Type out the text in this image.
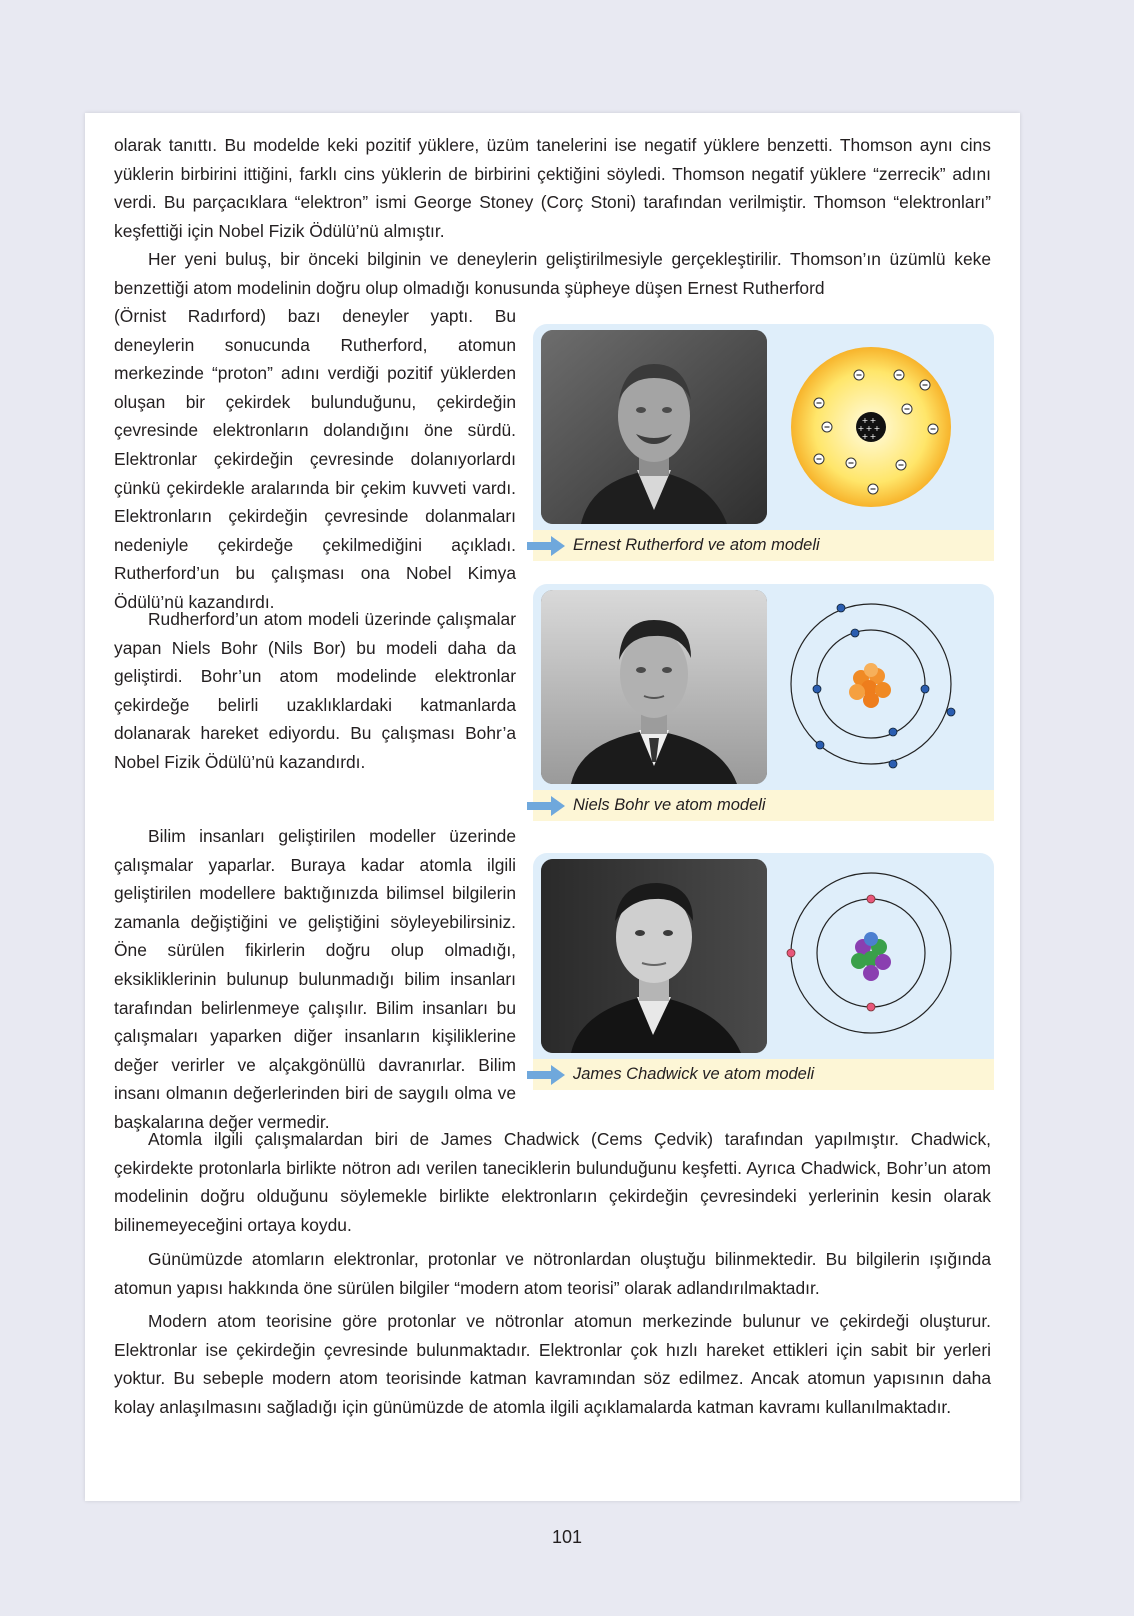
olarak tanıttı. Bu modelde keki pozitif yüklere, üzüm tanelerini ise negatif yüklere benzetti. Thomson aynı cins yüklerin birbirini ittiğini, farklı cins yüklerin de birbirini çektiğini söyledi. Thomson negatif yüklere “zerrecik” adını verdi. Bu parçacıklara “elektron” ismi George Stoney (Corç Stoni) tarafından verilmiştir. Thomson “elektronları” keşfettiği için Nobel Fizik Ödülü’nü almıştır.

Her yeni buluş, bir önceki bilginin ve deneylerin geliştirilmesiyle gerçekleştirilir. Thomson’ın üzümlü keke benzettiği atom modelinin doğru olup olmadığı konusunda şüpheye düşen Ernest Rutherford

(Örnist Radırford) bazı deneyler yaptı. Bu deneylerin sonucunda Rutherford, atomun merkezinde “proton” adını verdiği pozitif yüklerden oluşan bir çekirdek bulunduğunu, çekirdeğin çevresinde elektronların dolandığını öne sürdü. Elektronlar çekirdeğin çevresinde dolanıyorlardı çünkü çekirdekle aralarında bir çekim kuvveti vardı. Elektronların çekirdeğin çevresinde dolanmaları nedeniyle çekirdeğe çekilmediğini açıkladı. Rutherford’un bu çalışması ona Nobel Kimya Ödülü’nü kazandırdı.

Rudherford’un atom modeli üzerinde çalışmalar yapan Niels Bohr (Nils Bor) bu modeli daha da geliştirdi. Bohr’un atom modelinde elektronlar çekirdeğe belirli uzaklıklardaki katmanlarda dolanarak hareket ediyordu. Bu çalışması Bohr’a Nobel Fizik Ödülü’nü kazandırdı.

Bilim insanları geliştirilen modeller üzerinde çalışmalar yaparlar. Buraya kadar atomla ilgili geliştirilen modellere baktığınızda bilimsel bilgilerin zamanla değiştiğini ve geliştiğini söyleyebilirsiniz. Öne sürülen fikirlerin doğru olup olmadığı, eksikliklerinin bulunup bulunmadığı bilim insanları tarafından belirlenmeye çalışılır. Bilim insanları bu çalışmaları yaparken diğer insanların kişiliklerine değer verirler ve alçakgönüllü davranırlar. Bilim insanı olmanın değerlerinden biri de saygılı olma ve başkalarına değer vermedir.

Atomla ilgili çalışmalardan biri de James Chadwick (Cems Çedvik) tarafından yapılmıştır. Chadwick, çekirdekte protonlarla birlikte nötron adı verilen taneciklerin bulunduğunu keşfetti. Ayrıca Chadwick, Bohr’un atom modelinin doğru olduğunu söylemekle birlikte elektronların çekirdeğin çevresindeki yerlerinin kesin olarak bilinemeyeceğini ortaya koydu.

Günümüzde atomların elektronlar, protonlar ve nötronlardan oluştuğu bilinmektedir. Bu bilgilerin ışığında atomun yapısı hakkında öne sürülen bilgiler “modern atom teorisi” olarak adlandırılmaktadır.

Modern atom teorisine göre protonlar ve nötronlar atomun merkezinde bulunur ve çekirdeği oluşturur. Elektronlar ise çekirdeğin çevresinde bulunmaktadır. Elektronlar çok hızlı hareket ettikleri için sabit bir yerleri yoktur. Bu sebeple modern atom teorisinde katman kavramından söz edilmez. Ancak atomun yapısının daha kolay anlaşılmasını sağladığı için günümüzde de atomla ilgili açıklamalarda katman kavramı kullanılmaktadır.

+ +
+ + +
+ +
Ernest Rutherford ve atom modeli
Niels Bohr ve atom modeli
James Chadwick ve atom modeli
101
